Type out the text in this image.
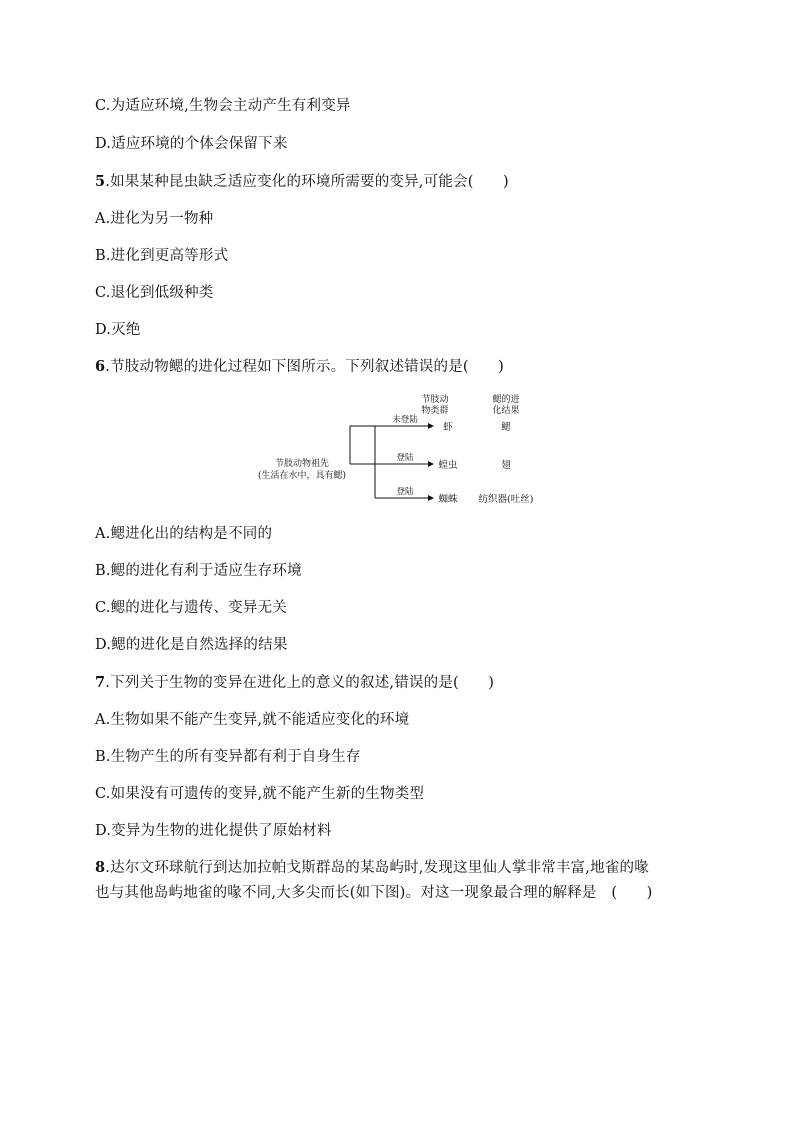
C.为适应环境,生物会主动产生有利变异
D.适应环境的个体会保留下来
5.如果某种昆虫缺乏适应变化的环境所需要的变异,可能会(　　)
A.进化为另一物种
B.进化到更高等形式
C.退化到低级种类
D.灭绝
6.节肢动物鳃的进化过程如下图所示。下列叙述错误的是(　　)
节肢动
物类群
鳃的进
化结果
未登陆
登陆
登陆
节肢动物祖先
(生活在水中，具有鳃)
虾
蝗虫
蜘蛛
鳃
翅
纺织器(吐丝)
A.鳃进化出的结构是不同的
B.鳃的进化有利于适应生存环境
C.鳃的进化与遗传、变异无关
D.鳃的进化是自然选择的结果
7.下列关于生物的变异在进化上的意义的叙述,错误的是(　　)
A.生物如果不能产生变异,就不能适应变化的环境
B.生物产生的所有变异都有利于自身生存
C.如果没有可遗传的变异,就不能产生新的生物类型
D.变异为生物的进化提供了原始材料
8.达尔文环球航行到达加拉帕戈斯群岛的某岛屿时,发现这里仙人掌非常丰富,地雀的喙
也与其他岛屿地雀的喙不同,大多尖而长(如下图)。对这一现象最合理的解释是　(　　)
